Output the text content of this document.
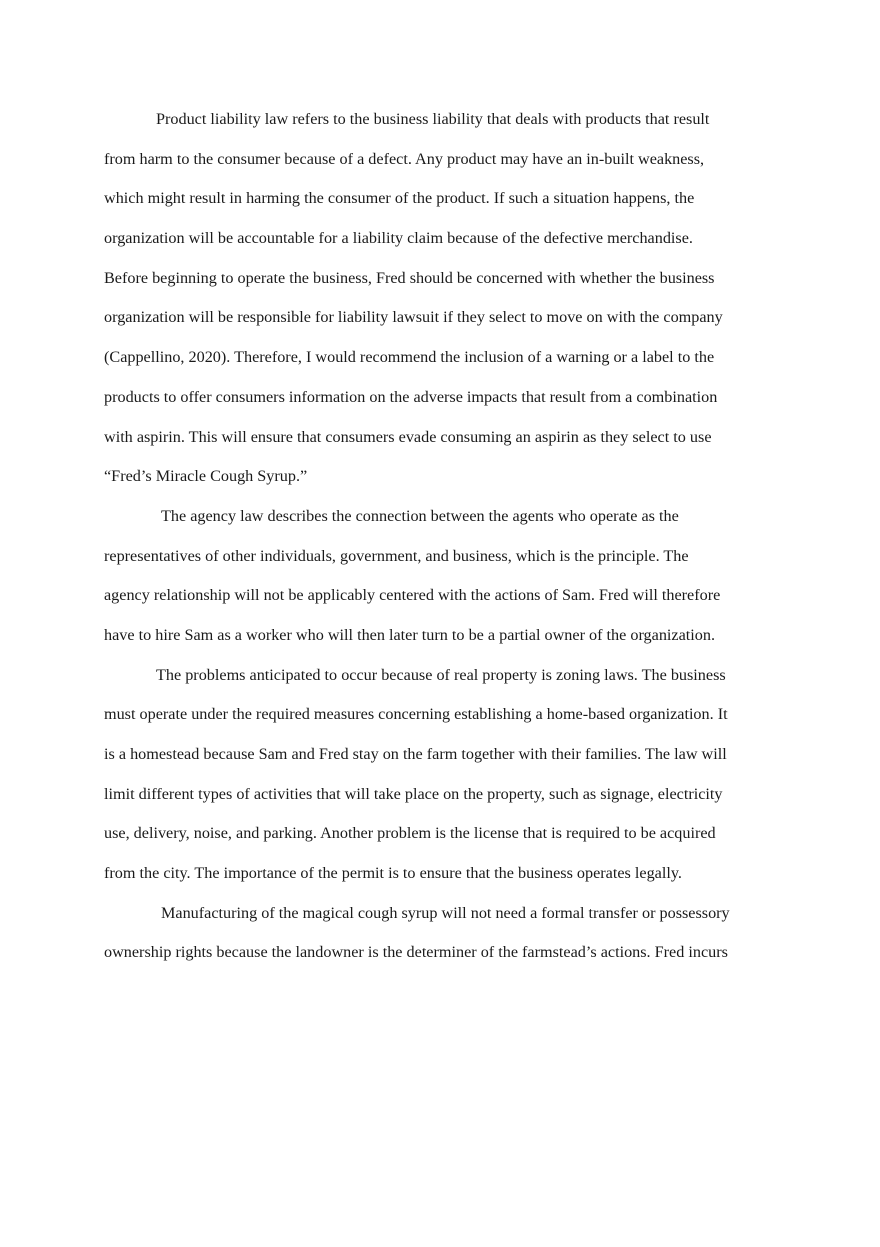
Product liability law refers to the business liability that deals with products that result
from harm to the consumer because of a defect. Any product may have an in-built weakness,
which might result in harming the consumer of the product. If such a situation happens, the
organization will be accountable for a liability claim because of the defective merchandise.
Before beginning to operate the business, Fred should be concerned with whether the business
organization will be responsible for liability lawsuit if they select to move on with the company
(Cappellino, 2020). Therefore, I would recommend the inclusion of a warning or a label to the
products to offer consumers information on the adverse impacts that result from a combination
with aspirin. This will ensure that consumers evade consuming an aspirin as they select to use
“Fred’s Miracle Cough Syrup.”
The agency law describes the connection between the agents who operate as the
representatives of other individuals, government, and business, which is the principle. The
agency relationship will not be applicably centered with the actions of Sam. Fred will therefore
have to hire Sam as a worker who will then later turn to be a partial owner of the organization.
The problems anticipated to occur because of real property is zoning laws. The business
must operate under the required measures concerning establishing a home-based organization. It
is a homestead because Sam and Fred stay on the farm together with their families. The law will
limit different types of activities that will take place on the property, such as signage, electricity
use, delivery, noise, and parking. Another problem is the license that is required to be acquired
from the city. The importance of the permit is to ensure that the business operates legally.
Manufacturing of the magical cough syrup will not need a formal transfer or possessory
ownership rights because the landowner is the determiner of the farmstead’s actions. Fred incurs
